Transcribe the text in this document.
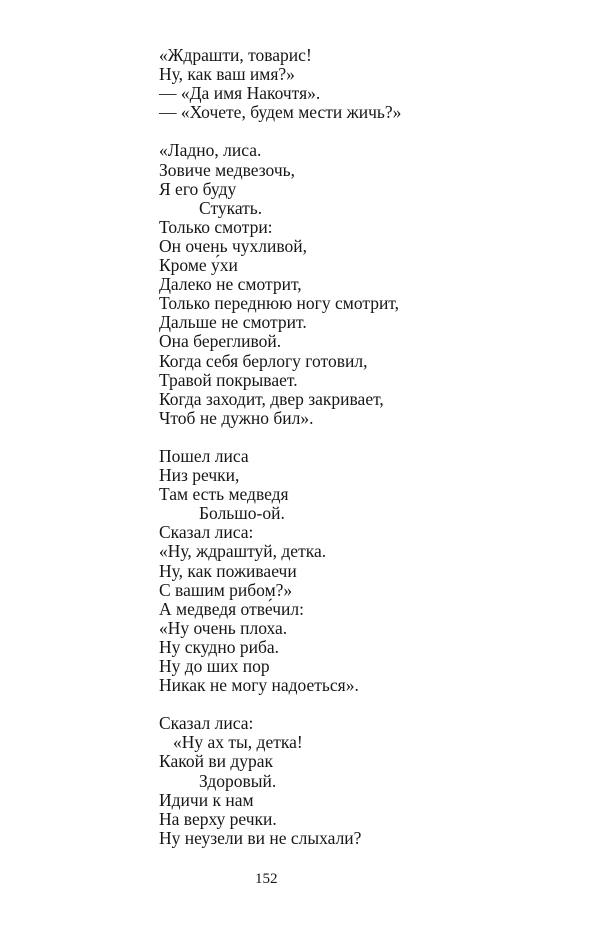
«Ждрашти, товарис!
Ну, как ваш имя?»
— «Да имя Накочтя».
— «Хочете, будем мести жичь?»
«Ладно, лиса.
Зовиче медвезочь,
Я его буду
Стукать.
Только смотри:
Он очень чухливой,
Кроме у́хи
Далеко не смотрит,
Только переднюю ногу смотрит,
Дальше не смотрит.
Она берегливой.
Когда себя берлогу готовил,
Травой покрывает.
Когда заходит, двер закривает,
Чтоб не дужно бил».
Пошел лиса
Низ речки,
Там есть медведя
Большо-ой.
Сказал лиса:
«Ну, ждраштуй, детка.
Ну, как поживаечи
С вашим рибом?»
А медведя отве́чил:
«Ну очень плоха.
Ну скудно риба.
Ну до ших пор
Никак не могу надоеться».
Сказал лиса:
«Ну ах ты, детка!
Какой ви дурак
Здоровый.
Идичи к нам
На верху речки.
Ну неузели ви не слыхали?
152
